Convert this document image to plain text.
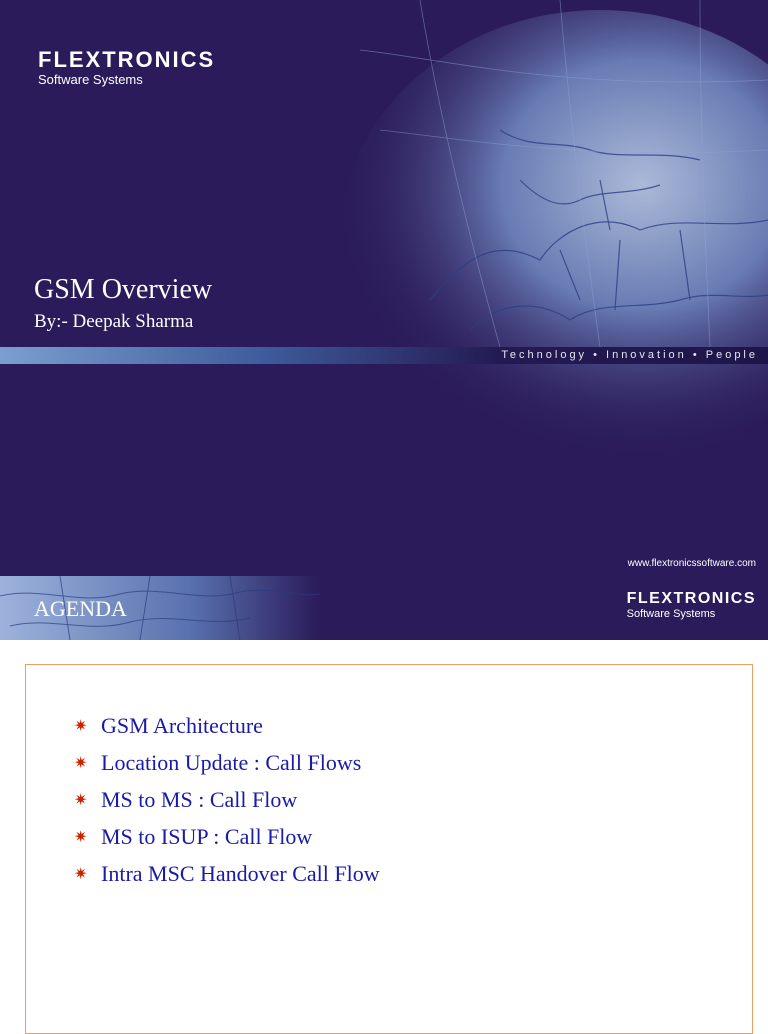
FLEXTRONICS
Software Systems
GSM Overview
By:- Deepak Sharma
Technology • Innovation • People
www.flextronicssoftware.com
AGENDA	FLEXTRONICS
Software Systems
✷ GSM Architecture
✷ Location Update : Call Flows
✷ MS to MS : Call Flow
✷ MS to ISUP : Call Flow
✷ Intra MSC Handover Call Flow
